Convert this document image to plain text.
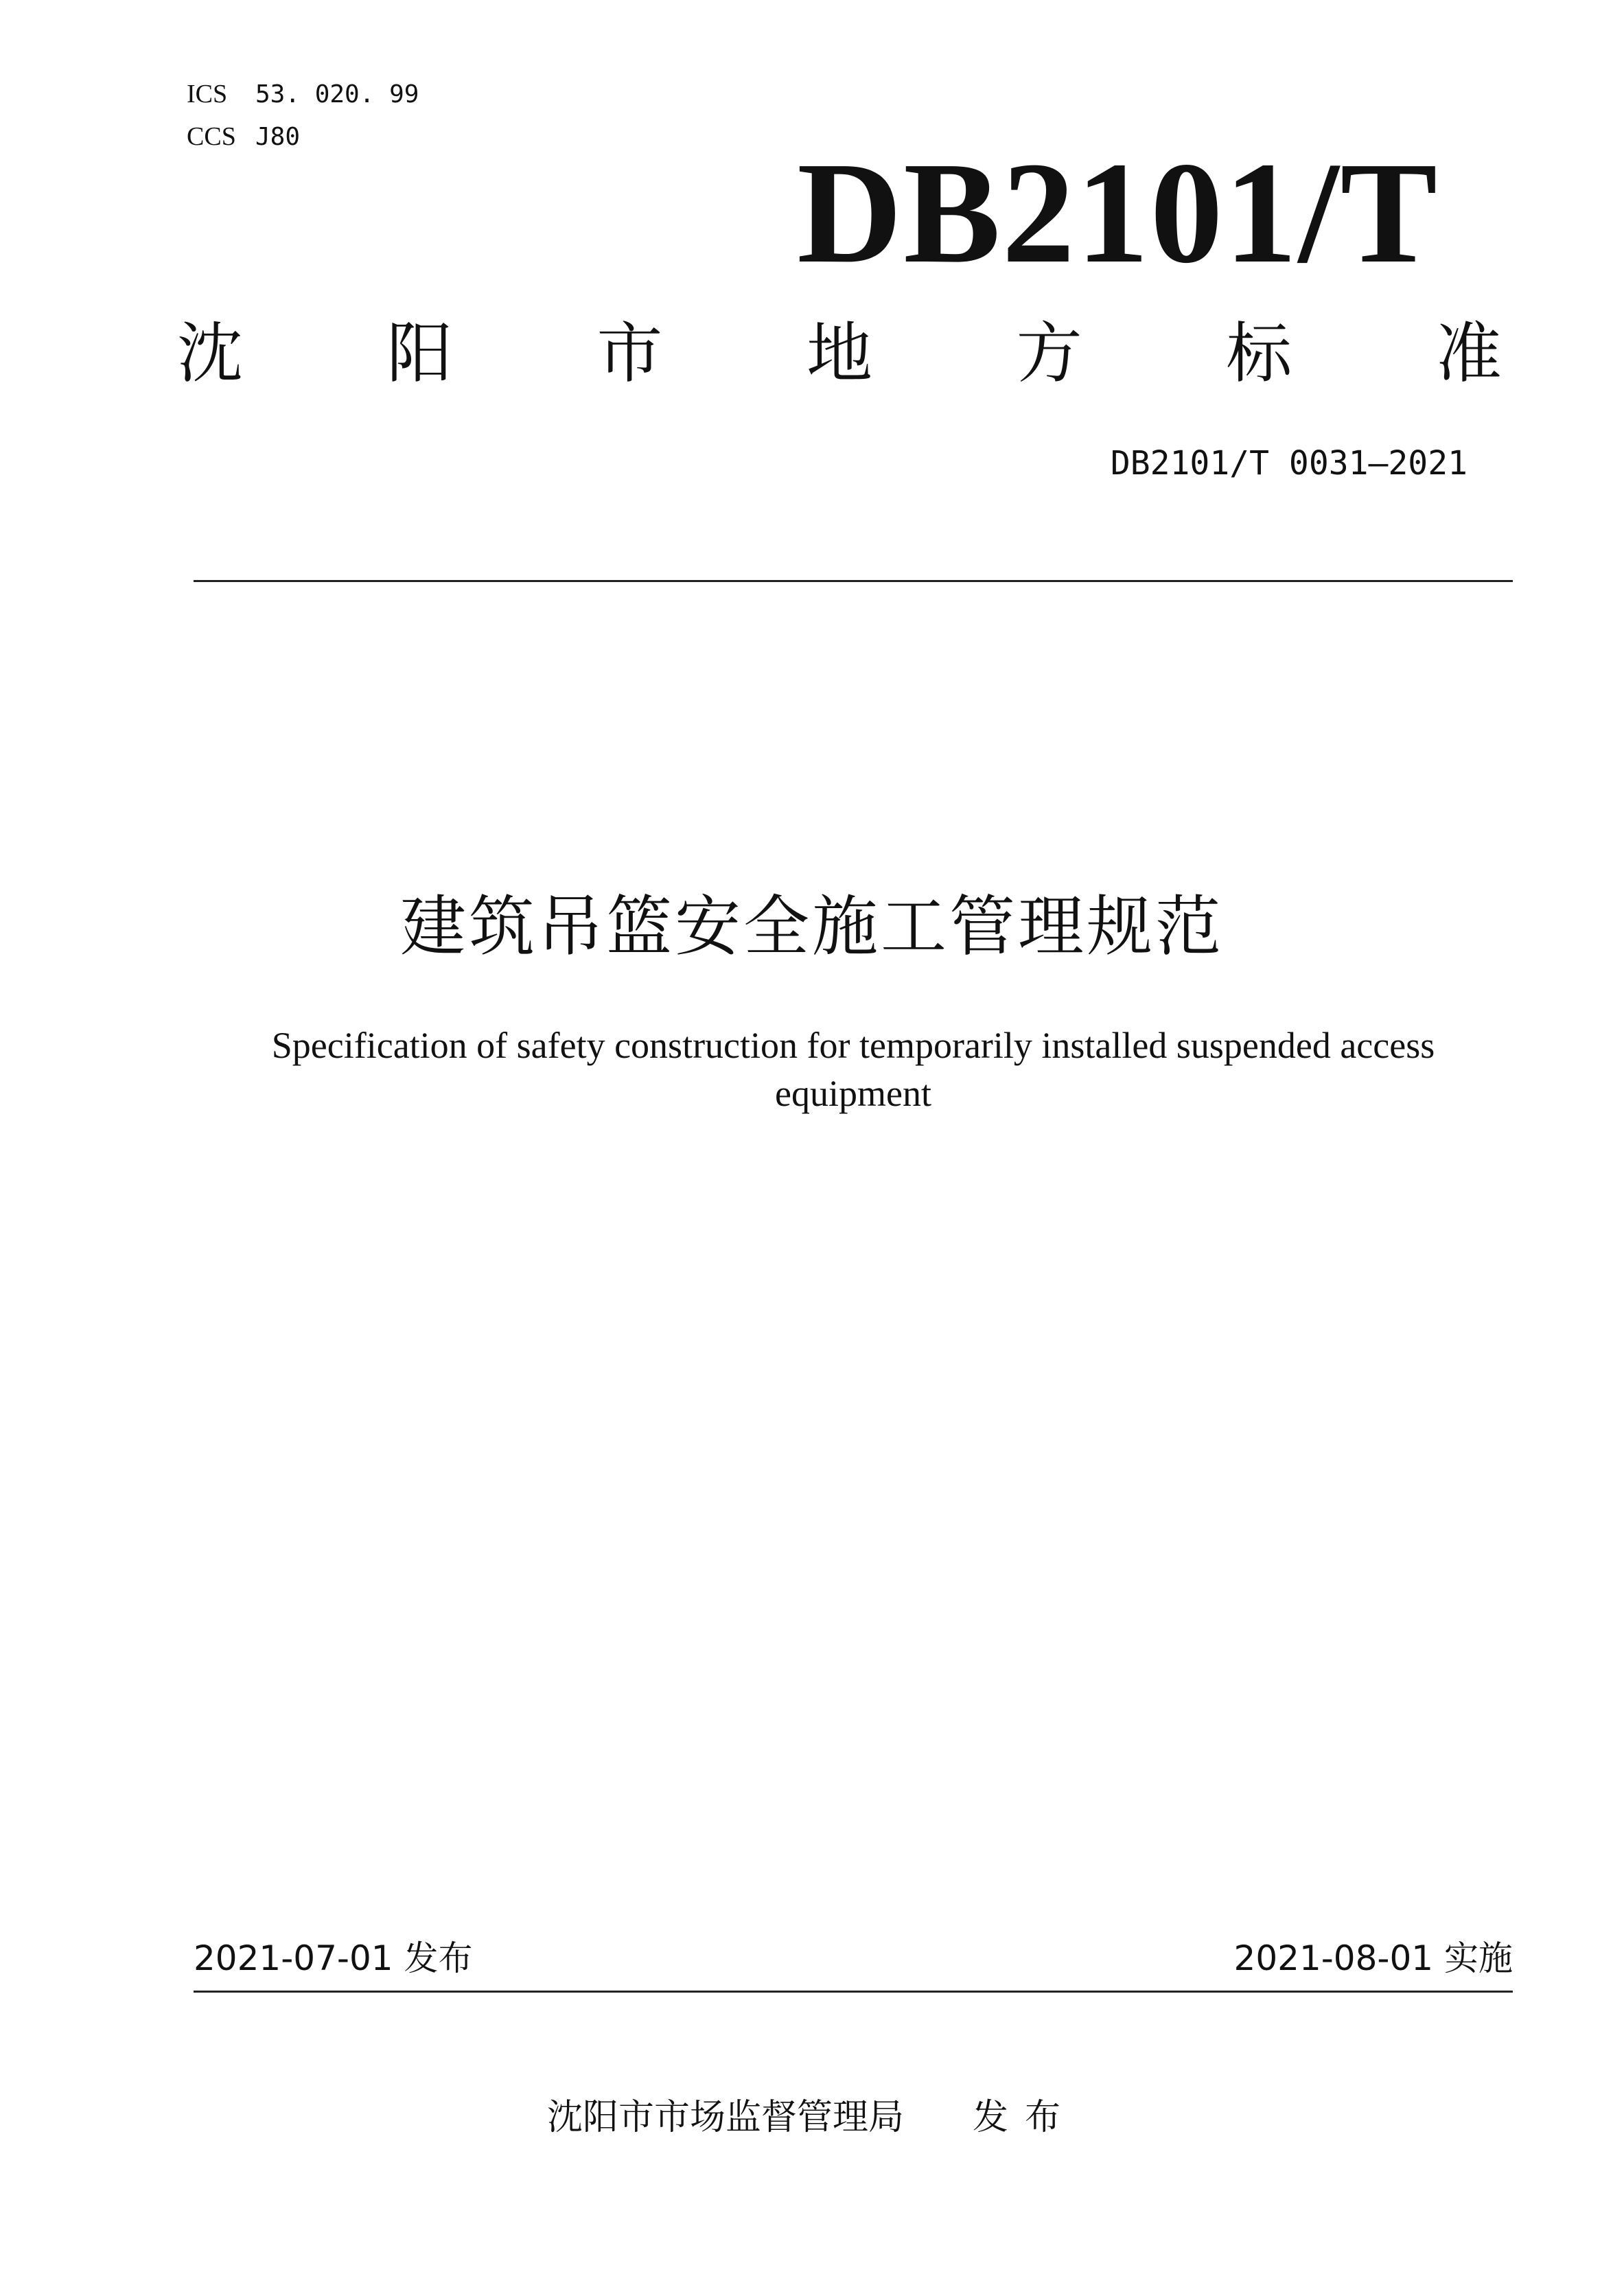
ICS 53. 020. 99
CCS J80	DB2101/T
沈 阳 市 地 方 标 准
DB2101/T 0031—2021
建筑吊篮安全施工管理规范
Specification of safety construction for temporarily installed suspended access
equipment
2021-07-01 发布	2021-08-01 实施
沈阳市市场监督管理局 发布
